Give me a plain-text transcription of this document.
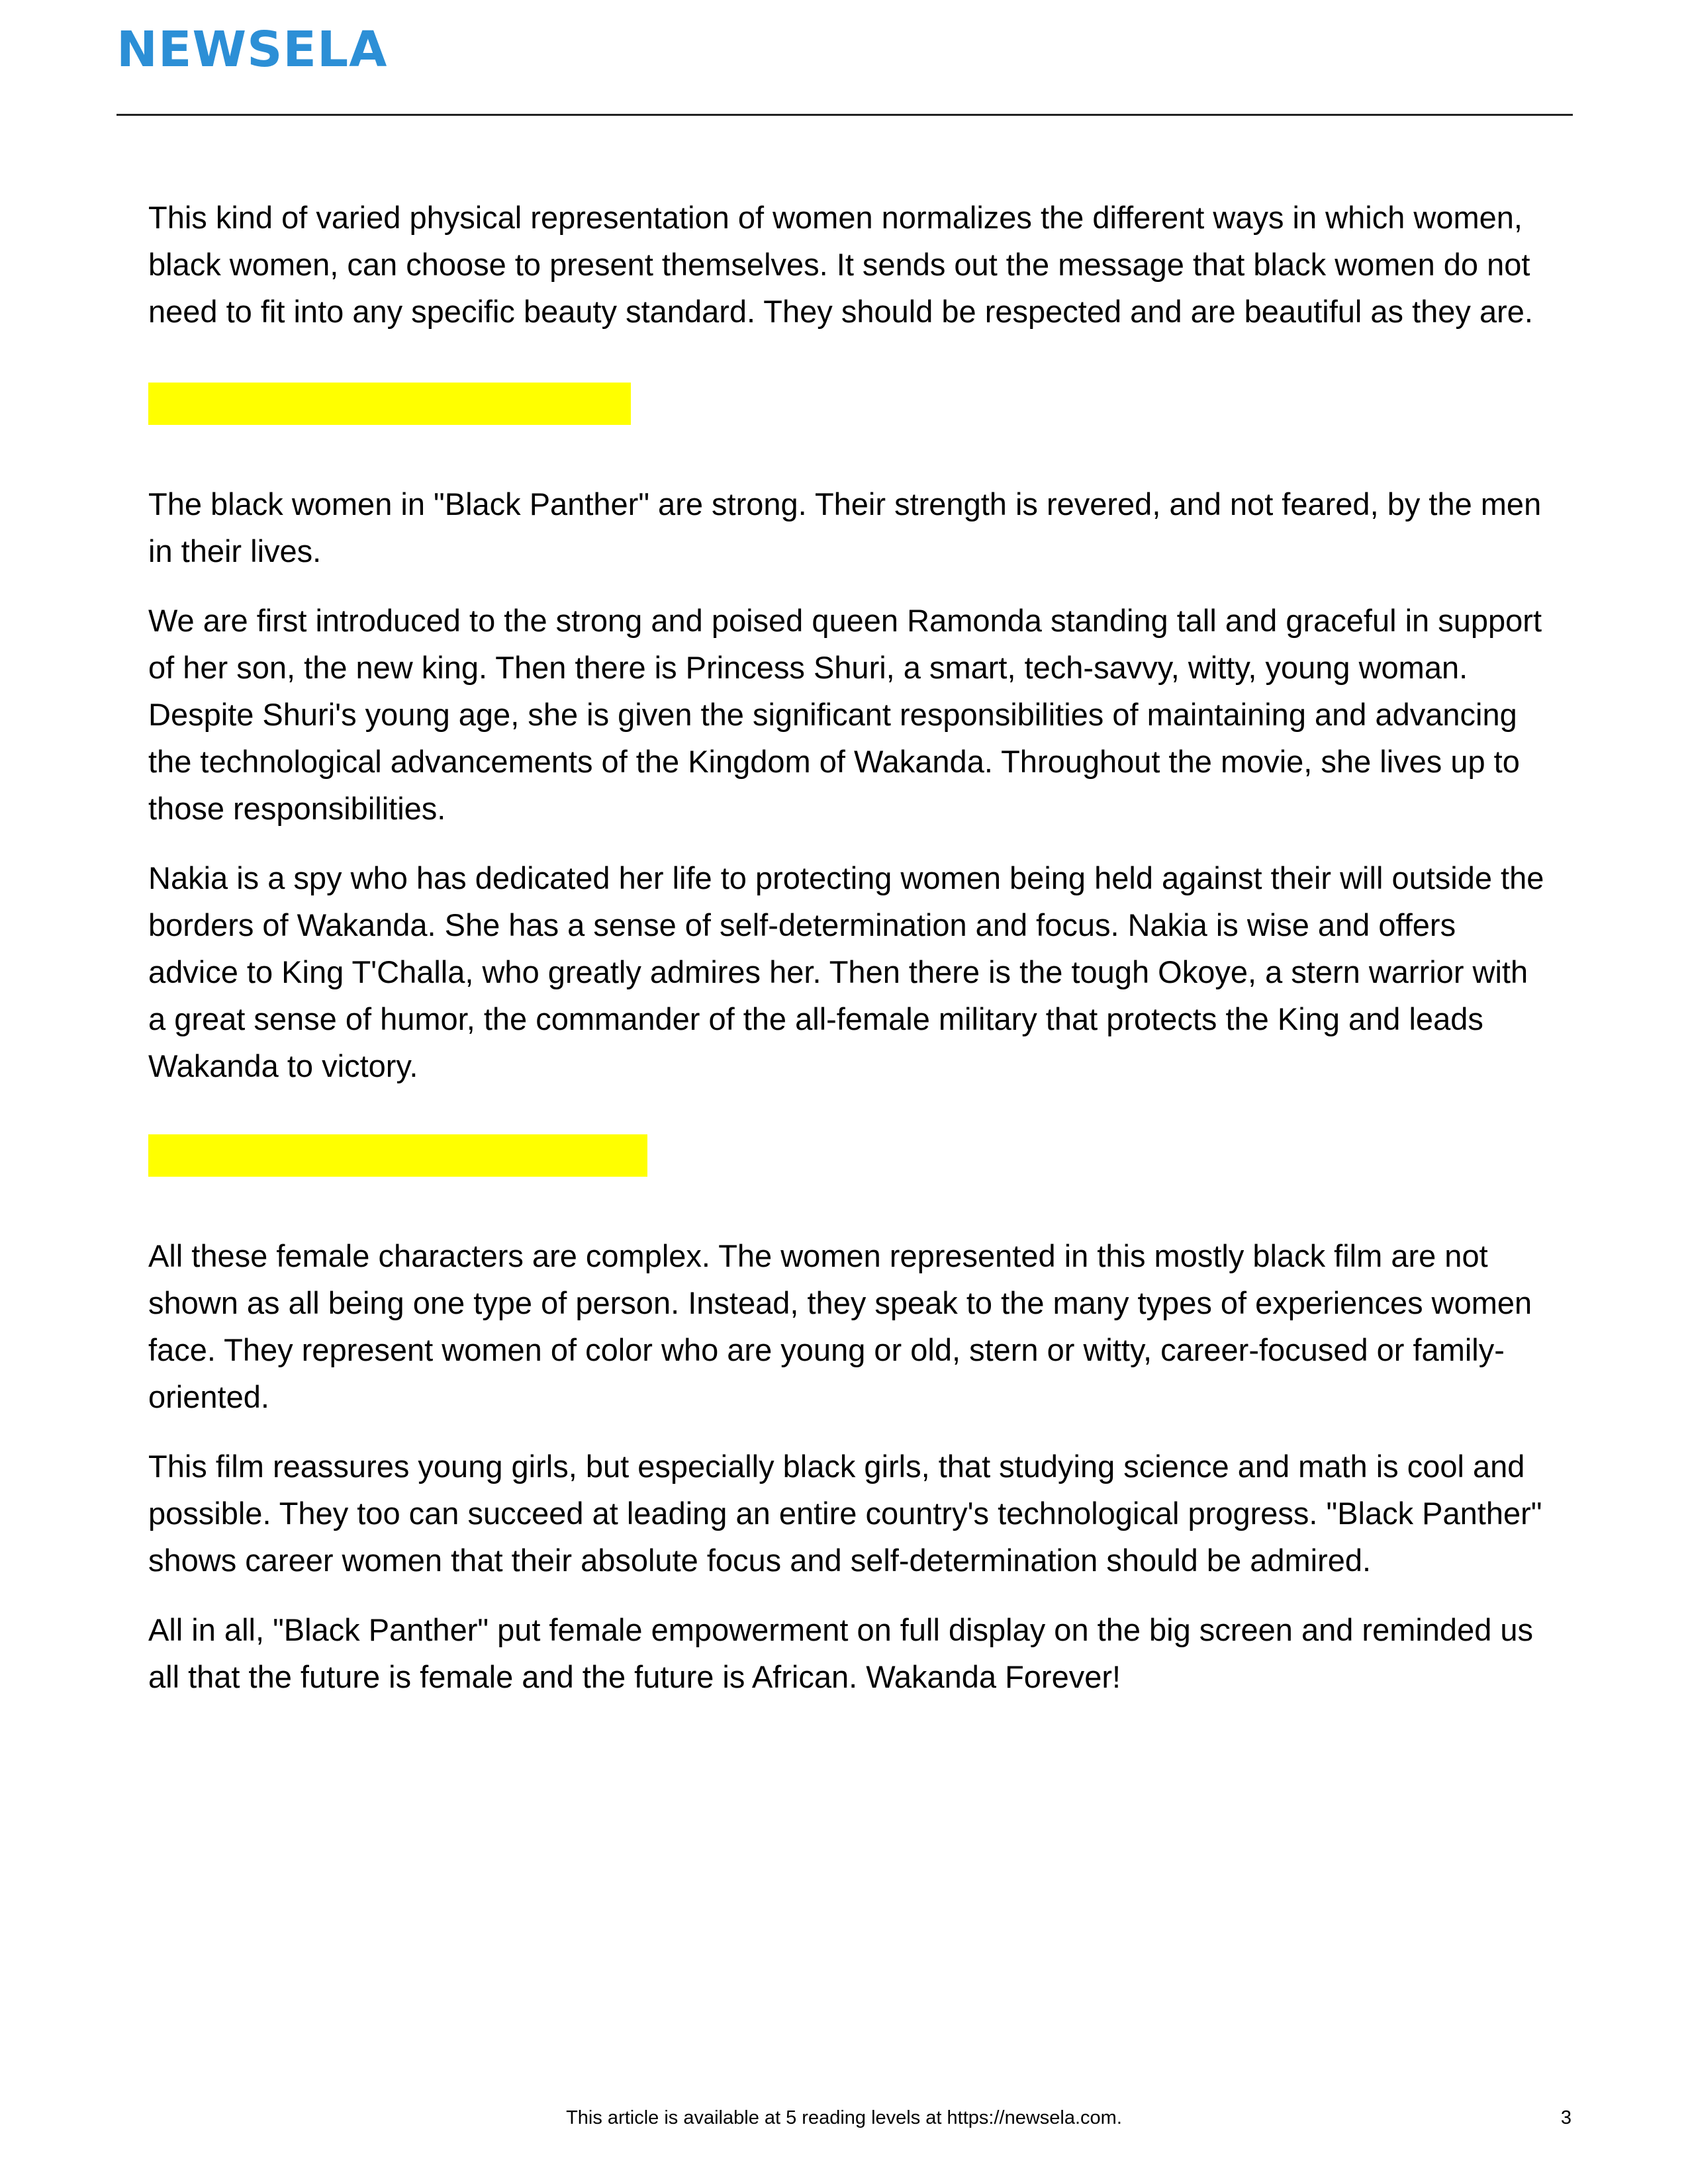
NEWSELA

This kind of varied physical representation of women normalizes the different ways in which women, black women, can choose to present themselves. It sends out the message that black women do not need to fit into any specific beauty standard. They should be respected and are beautiful as they are.

The black women in "Black Panther" are strong. Their strength is revered, and not feared, by the men in their lives.

We are first introduced to the strong and poised queen Ramonda standing tall and graceful in support of her son, the new king. Then there is Princess Shuri, a smart, tech-savvy, witty, young woman. Despite Shuri's young age, she is given the significant responsibilities of maintaining and advancing the technological advancements of the Kingdom of Wakanda. Throughout the movie, she lives up to those responsibilities.

Nakia is a spy who has dedicated her life to protecting women being held against their will outside the borders of Wakanda. She has a sense of self-determination and focus. Nakia is wise and offers advice to King T'Challa, who greatly admires her. Then there is the tough Okoye, a stern warrior with a great sense of humor, the commander of the all-female military that protects the King and leads Wakanda to victory.

All these female characters are complex. The women represented in this mostly black film are not shown as all being one type of person. Instead, they speak to the many types of experiences women face. They represent women of color who are young or old, stern or witty, career-focused or family-oriented.

This film reassures young girls, but especially black girls, that studying science and math is cool and possible. They too can succeed at leading an entire country's technological progress. "Black Panther" shows career women that their absolute focus and self-determination should be admired.

All in all, "Black Panther" put female empowerment on full display on the big screen and reminded us all that the future is female and the future is African. Wakanda Forever!

This article is available at 5 reading levels at https://newsela.com.	3
